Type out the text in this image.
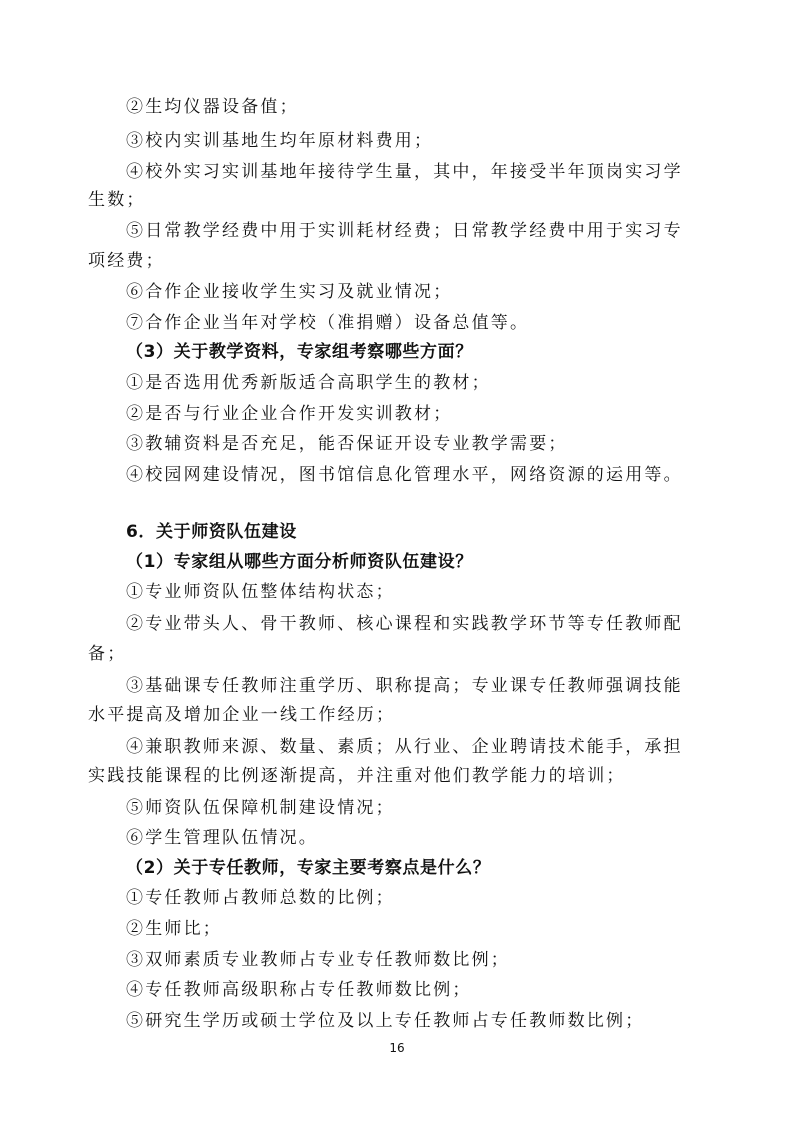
②生均仪器设备值；
③校内实训基地生均年原材料费用；
④校外实习实训基地年接待学生量，其中，年接受半年顶岗实习学
生数；
⑤日常教学经费中用于实训耗材经费；日常教学经费中用于实习专
项经费；
⑥合作企业接收学生实习及就业情况；
⑦合作企业当年对学校（准捐赠）设备总值等。
（3）关于教学资料，专家组考察哪些方面？
①是否选用优秀新版适合高职学生的教材；
②是否与行业企业合作开发实训教材；
③教辅资料是否充足，能否保证开设专业教学需要；
④校园网建设情况，图书馆信息化管理水平，网络资源的运用等。
6．关于师资队伍建设
（1）专家组从哪些方面分析师资队伍建设？
①专业师资队伍整体结构状态；
②专业带头人、骨干教师、核心课程和实践教学环节等专任教师配
备；
③基础课专任教师注重学历、职称提高；专业课专任教师强调技能
水平提高及增加企业一线工作经历；
④兼职教师来源、数量、素质；从行业、企业聘请技术能手，承担
实践技能课程的比例逐渐提高，并注重对他们教学能力的培训；
⑤师资队伍保障机制建设情况；
⑥学生管理队伍情况。
（2）关于专任教师，专家主要考察点是什么？
①专任教师占教师总数的比例；
②生师比；
③双师素质专业教师占专业专任教师数比例；
④专任教师高级职称占专任教师数比例；
⑤研究生学历或硕士学位及以上专任教师占专任教师数比例；
16
